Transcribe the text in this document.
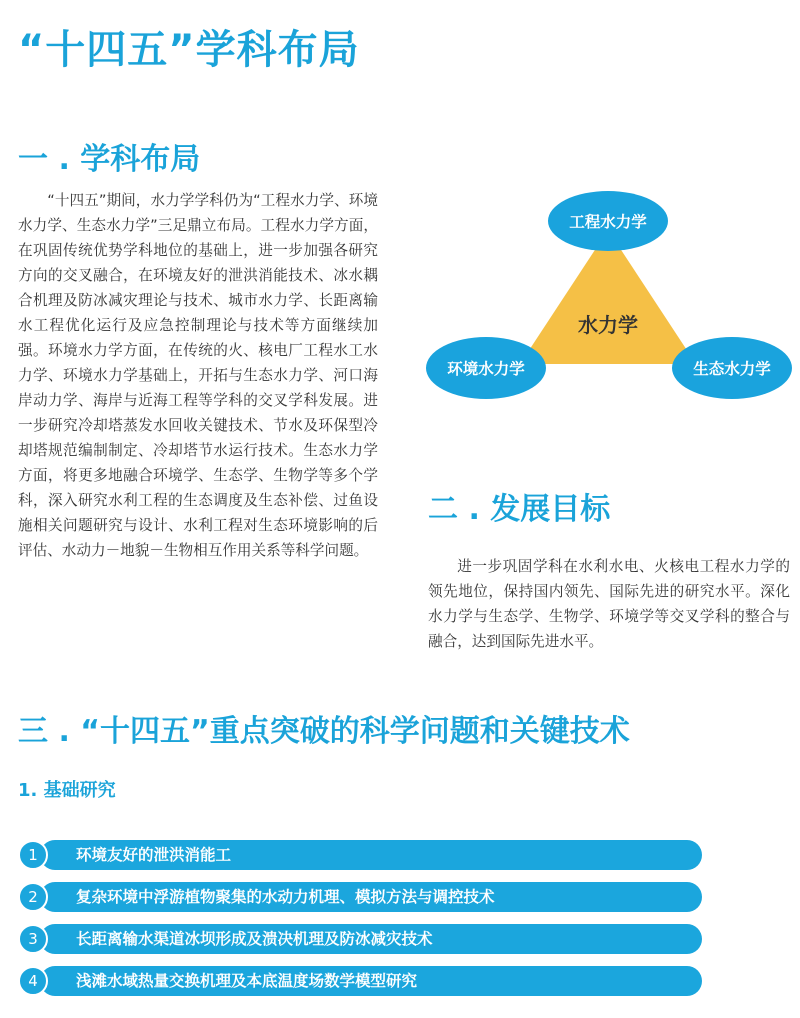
“十四五”学科布局
一 . 学科布局

“十四五”期间，水力学学科仍为“工程水力学、环境水力学、生态水力学”三足鼎立布局。工程水力学方面，在巩固传统优势学科地位的基础上，进一步加强各研究方向的交叉融合，在环境友好的泄洪消能技术、冰水耦合机理及防冰减灾理论与技术、城市水力学、长距离输水工程优化运行及应急控制理论与技术等方面继续加强。环境水力学方面，在传统的火、核电厂工程水工水力学、环境水力学基础上，开拓与生态水力学、河口海岸动力学、海岸与近海工程等学科的交叉学科发展。进一步研究冷却塔蒸发水回收关键技术、节水及环保型冷却塔规范编制制定、冷却塔节水运行技术。生态水力学方面，将更多地融合环境学、生态学、生物学等多个学科，深入研究水利工程的生态调度及生态补偿、过鱼设施相关问题研究与设计、水利工程对生态环境影响的后评估、水动力－地貌－生物相互作用关系等科学问题。

水力学
工程水力学
环境水力学	生态水力学
二 . 发展目标

进一步巩固学科在水利水电、火核电工程水力学的领先地位，保持国内领先、国际先进的研究水平。深化水力学与生态学、生物学、环境学等交叉学科的整合与融合，达到国际先进水平。

三 . “十四五”重点突破的科学问题和关键技术
1. 基础研究
环境友好的泄洪消能工
1
复杂环境中浮游植物聚集的水动力机理、模拟方法与调控技术
2
长距离输水渠道冰坝形成及溃决机理及防冰减灾技术
3
浅滩水域热量交换机理及本底温度场数学模型研究
4
